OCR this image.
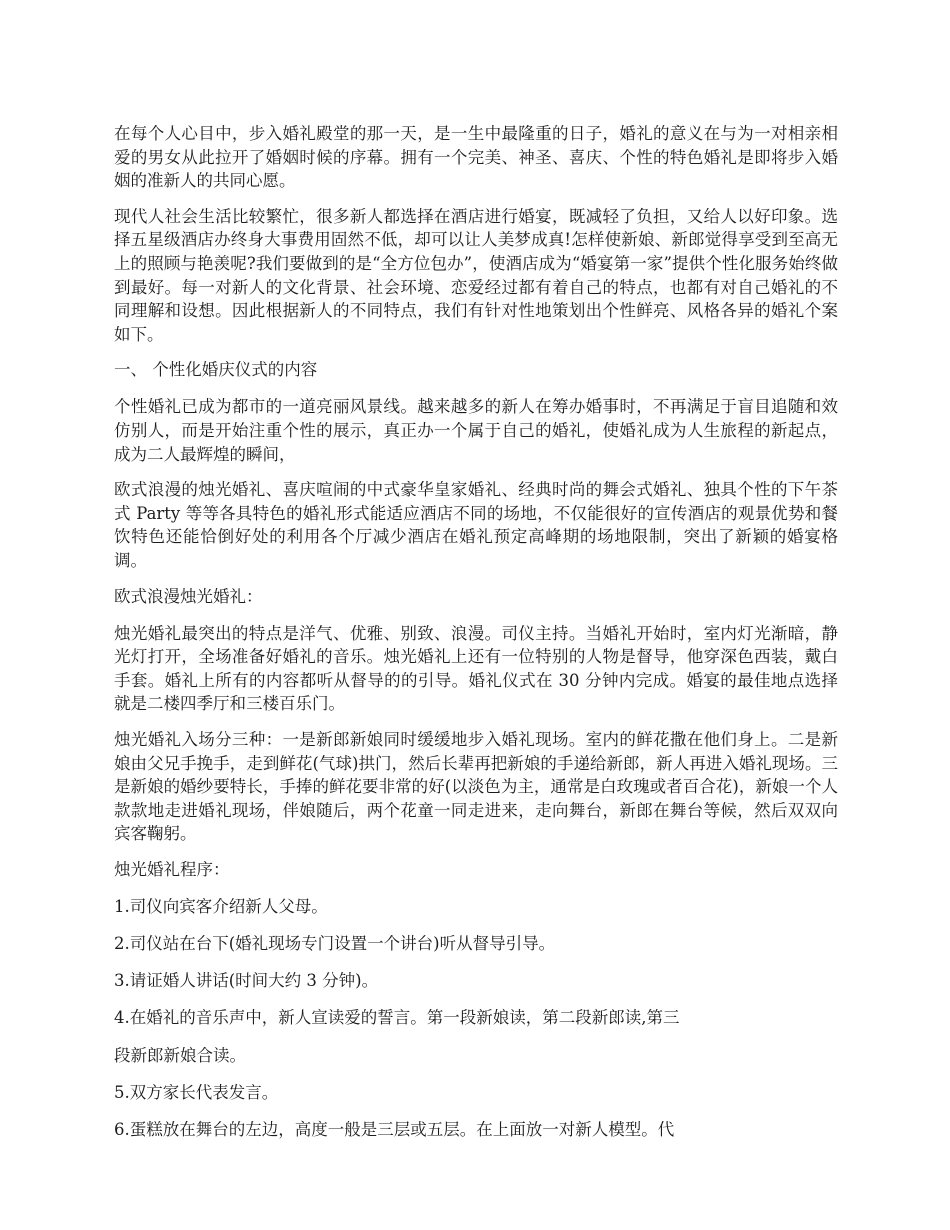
在每个人心目中，步入婚礼殿堂的那一天，是一生中最隆重的日子，婚礼的意义在与为一对相亲相爱的男女从此拉开了婚姻时候的序幕。拥有一个完美、神圣、喜庆、个性的特色婚礼是即将步入婚姻的准新人的共同心愿。

现代人社会生活比较繁忙，很多新人都选择在酒店进行婚宴，既减轻了负担，又给人以好印象。选择五星级酒店办终身大事费用固然不低，却可以让人美梦成真!怎样使新娘、新郎觉得享受到至高无上的照顾与艳羡呢?我们要做到的是“全方位包办”，使酒店成为“婚宴第一家”提供个性化服务始终做到最好。每一对新人的文化背景、社会环境、恋爱经过都有着自己的特点，也都有对自己婚礼的不同理解和设想。因此根据新人的不同特点，我们有针对性地策划出个性鲜亮、风格各异的婚礼个案如下。

一、 个性化婚庆仪式的内容

个性婚礼已成为都市的一道亮丽风景线。越来越多的新人在筹办婚事时，不再满足于盲目追随和效仿别人，而是开始注重个性的展示，真正办一个属于自己的婚礼，使婚礼成为人生旅程的新起点，成为二人最辉煌的瞬间，

欧式浪漫的烛光婚礼、喜庆喧闹的中式豪华皇家婚礼、经典时尚的舞会式婚礼、独具个性的下午茶式 Party 等等各具特色的婚礼形式能适应酒店不同的场地，不仅能很好的宣传酒店的观景优势和餐饮特色还能恰倒好处的利用各个厅减少酒店在婚礼预定高峰期的场地限制，突出了新颖的婚宴格调。

欧式浪漫烛光婚礼：

烛光婚礼最突出的特点是洋气、优雅、别致、浪漫。司仪主持。当婚礼开始时，室内灯光渐暗，静光灯打开，全场准备好婚礼的音乐。烛光婚礼上还有一位特别的人物是督导，他穿深色西装，戴白手套。婚礼上所有的内容都听从督导的的引导。婚礼仪式在 30 分钟内完成。婚宴的最佳地点选择就是二楼四季厅和三楼百乐门。

烛光婚礼入场分三种：一是新郎新娘同时缓缓地步入婚礼现场。室内的鲜花撒在他们身上。二是新娘由父兄手挽手，走到鲜花(气球)拱门，然后长辈再把新娘的手递给新郎，新人再进入婚礼现场。三是新娘的婚纱要特长，手捧的鲜花要非常的好(以淡色为主，通常是白玫瑰或者百合花)，新娘一个人款款地走进婚礼现场，伴娘随后，两个花童一同走进来，走向舞台，新郎在舞台等候，然后双双向宾客鞠躬。

烛光婚礼程序：

1.司仪向宾客介绍新人父母。

2.司仪站在台下(婚礼现场专门设置一个讲台)听从督导引导。

3.请证婚人讲话(时间大约 3 分钟)。

4.在婚礼的音乐声中，新人宣读爱的誓言。第一段新娘读，第二段新郎读,第三

段新郎新娘合读。

5.双方家长代表发言。

6.蛋糕放在舞台的左边，高度一般是三层或五层。在上面放一对新人模型。代
